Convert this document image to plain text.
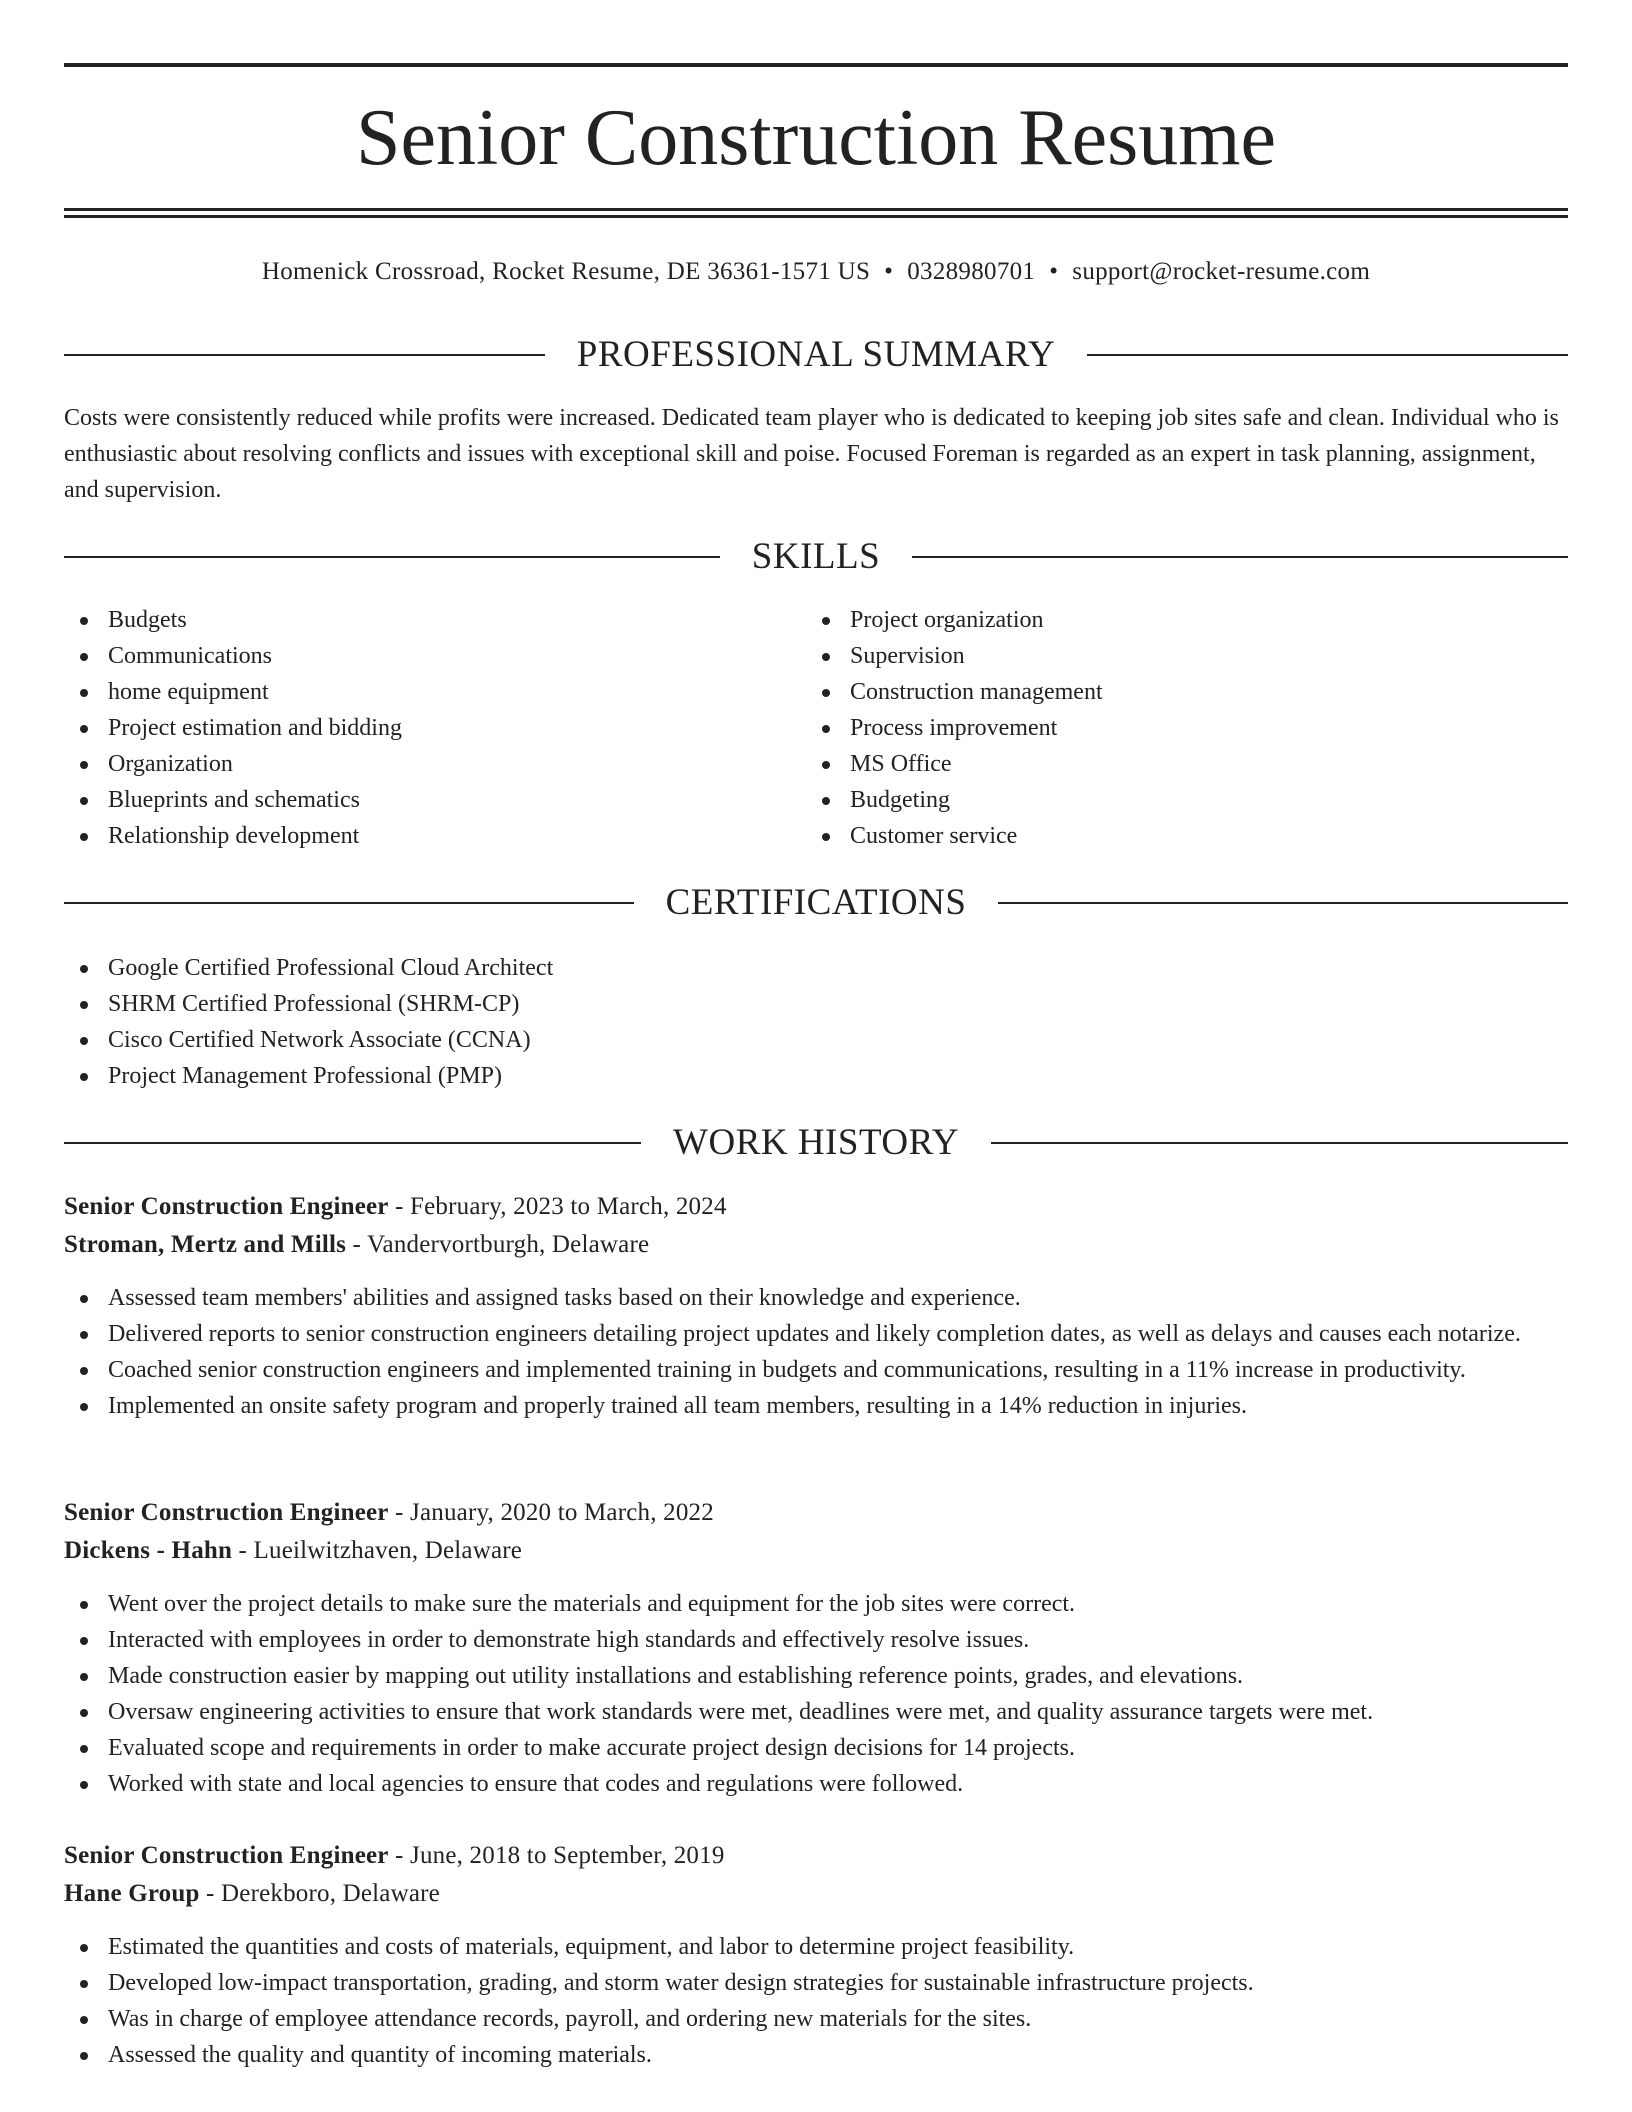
Senior Construction Resume
Homenick Crossroad, Rocket Resume, DE 36361-1571 US • 0328980701 • support@rocket-resume.com
PROFESSIONAL SUMMARY

Costs were consistently reduced while profits were increased. Dedicated team player who is dedicated to keeping job sites safe and clean. Individual who is enthusiastic about resolving conflicts and issues with exceptional skill and poise. Focused Foreman is regarded as an expert in task planning, assignment, and supervision.

SKILLS
Budgets
Communications
home equipment
Project estimation and bidding
Organization
Blueprints and schematics
Relationship development
Project organization
Supervision
Construction management
Process improvement
MS Office
Budgeting
Customer service
CERTIFICATIONS
Google Certified Professional Cloud Architect
SHRM Certified Professional (SHRM-CP)
Cisco Certified Network Associate (CCNA)
Project Management Professional (PMP)
WORK HISTORY
Senior Construction Engineer - February, 2023 to March, 2024
Stroman, Mertz and Mills - Vandervortburgh, Delaware
Assessed team members' abilities and assigned tasks based on their knowledge and experience.
Delivered reports to senior construction engineers detailing project updates and likely completion dates, as well as delays and causes each notarize.
Coached senior construction engineers and implemented training in budgets and communications, resulting in a 11% increase in productivity.
Implemented an onsite safety program and properly trained all team members, resulting in a 14% reduction in injuries.
Senior Construction Engineer - January, 2020 to March, 2022
Dickens - Hahn - Lueilwitzhaven, Delaware
Went over the project details to make sure the materials and equipment for the job sites were correct.
Interacted with employees in order to demonstrate high standards and effectively resolve issues.
Made construction easier by mapping out utility installations and establishing reference points, grades, and elevations.
Oversaw engineering activities to ensure that work standards were met, deadlines were met, and quality assurance targets were met.
Evaluated scope and requirements in order to make accurate project design decisions for 14 projects.
Worked with state and local agencies to ensure that codes and regulations were followed.
Senior Construction Engineer - June, 2018 to September, 2019
Hane Group - Derekboro, Delaware
Estimated the quantities and costs of materials, equipment, and labor to determine project feasibility.
Developed low-impact transportation, grading, and storm water design strategies for sustainable infrastructure projects.
Was in charge of employee attendance records, payroll, and ordering new materials for the sites.
Assessed the quality and quantity of incoming materials.
